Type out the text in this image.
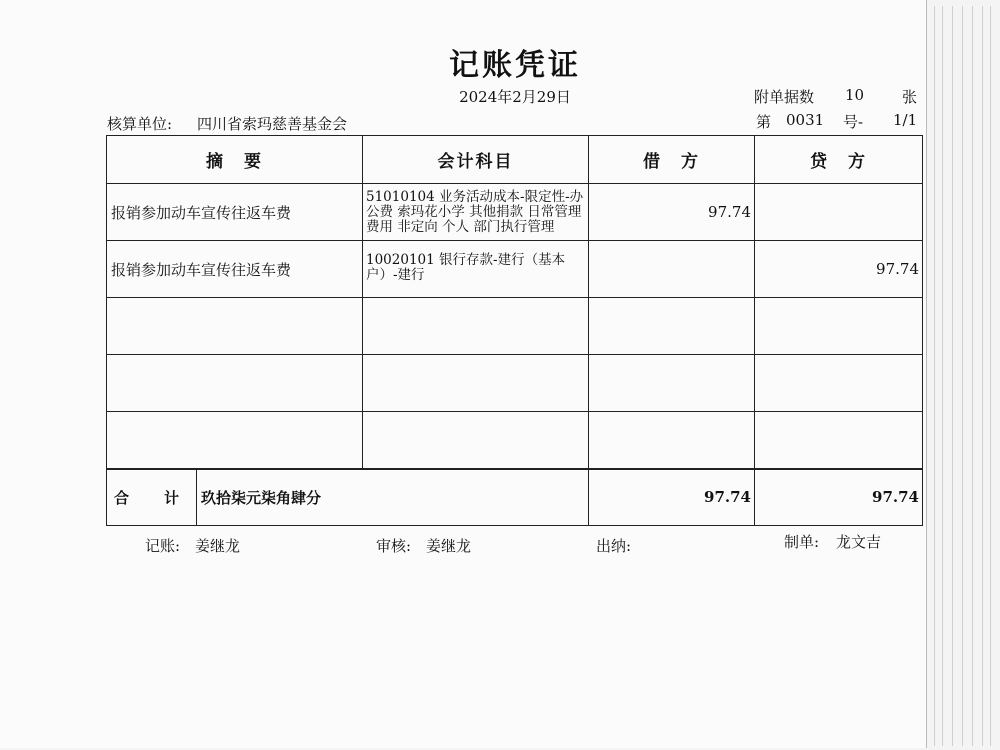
记账凭证
2024年2月29日	附单据数 10	张
核算单位: 四川省索玛慈善基金会	第 0031 号- 1/1
摘　要		会计科目	借　方	贷　方
报销参加动车宣传往返车费		51010104 业务活动成本-限定性-办公费 索玛花小学 其他捐款 日常管理费用 非定向 个人 部门执行管理	97.74	
报销参加动车宣传往返车费		10020101 银行存款-建行（基本户）-建行		97.74

合　计	玖拾柒元柒角肆分		97.74	97.74
记账: 姜继龙	审核: 姜继龙	出纳:	制单: 龙文吉
